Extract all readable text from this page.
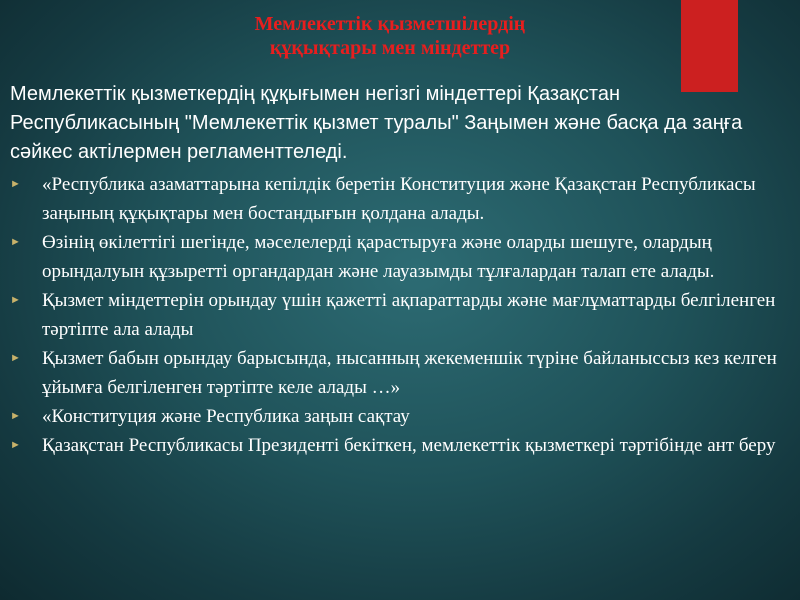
Мемлекеттік қызметшілердің
құқықтары мен міндеттер
Мемлекеттік қызметкердің құқығымен негізгі міндеттері Қазақстан Республикасының "Мемлекеттік қызмет туралы" Заңымен және басқа да заңға сәйкес актілермен регламенттеледі.
► «Республика азаматтарына кепілдік беретін Конституция және Қазақстан Республикасы заңының құқықтары мен бостандығын қолдана алады.
► Өзінің өкілеттігі шегінде, мәселелерді қарастыруға және оларды шешуге, олардың орындалуын құзыретті органдардан және лауазымды тұлғалардан талап ете алады.
► Қызмет міндеттерін орындау үшін қажетті ақпараттарды және мағлұматтарды белгіленген тәртіпте ала алады
► Қызмет бабын орындау барысында, нысанның жекеменшік түріне байланыссыз кез келген ұйымға белгіленген тәртіпте келе алады …»
► «Конституция және Республика заңын сақтау
► Қазақстан Республикасы Президенті бекіткен, мемлекеттік қызметкері тәртібінде ант беру
